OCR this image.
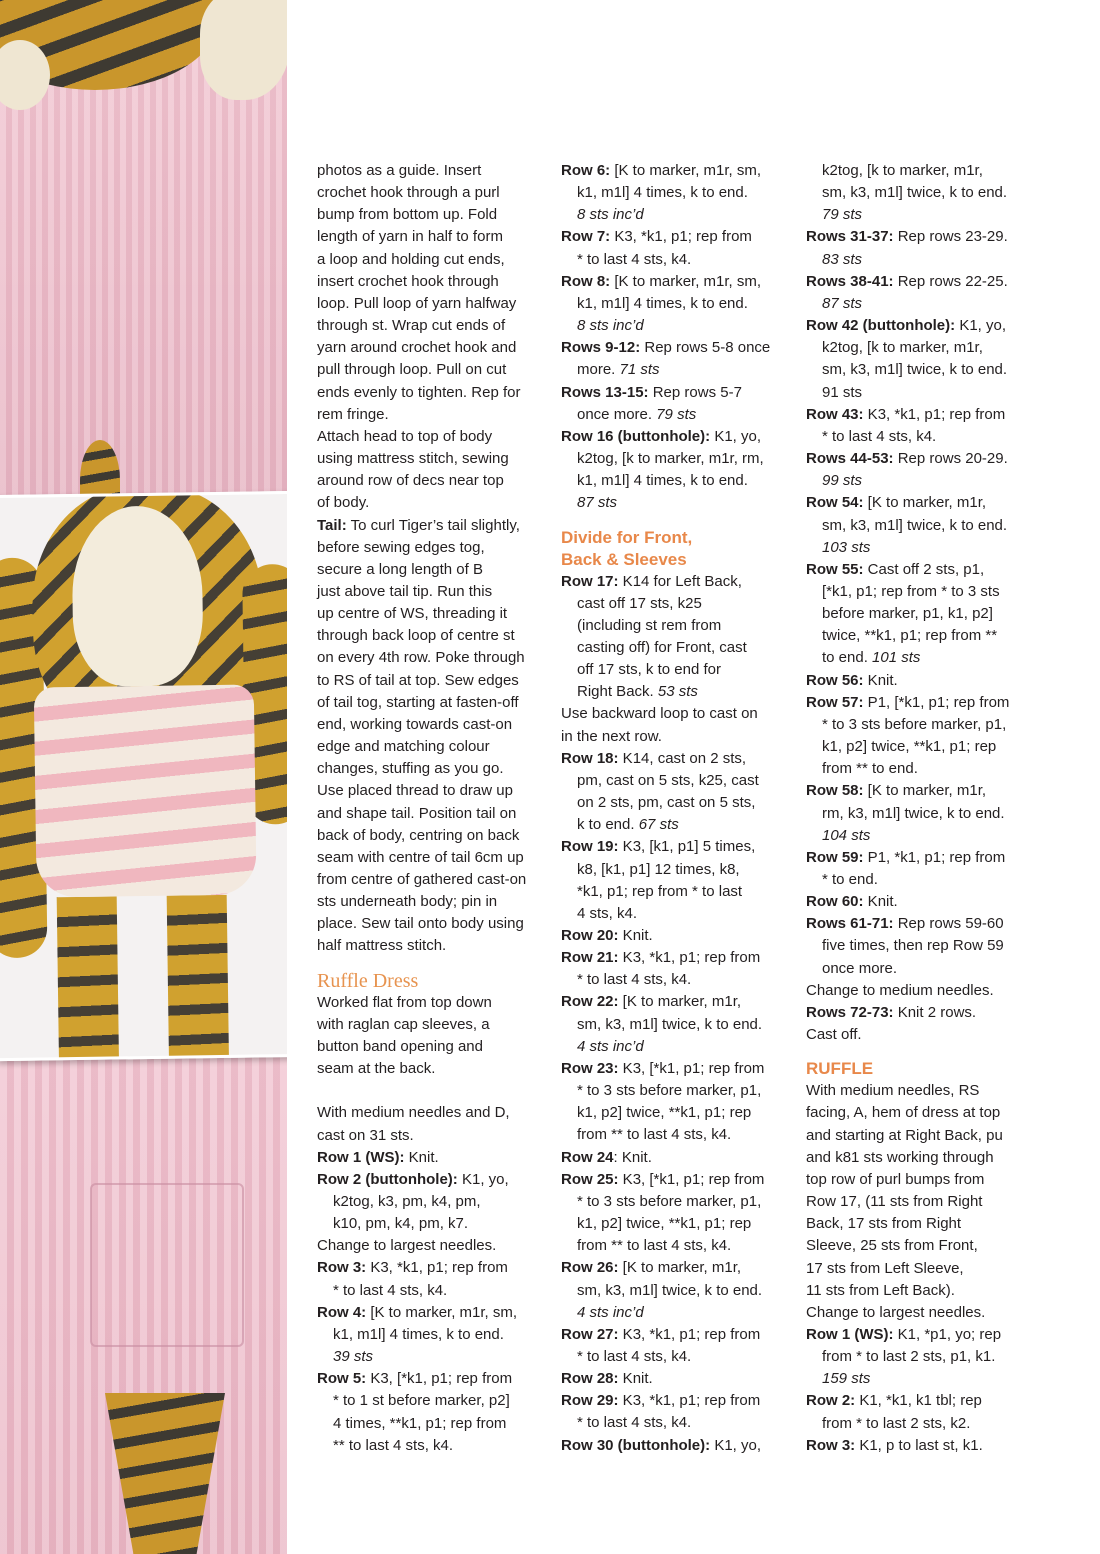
photos as a guide. Insert
crochet hook through a purl
bump from bottom up. Fold
length of yarn in half to form
a loop and holding cut ends,
insert crochet hook through
loop. Pull loop of yarn halfway
through st. Wrap cut ends of
yarn around crochet hook and
pull through loop. Pull on cut
ends evenly to tighten. Rep for
rem fringe.
Attach head to top of body
using mattress stitch, sewing
around row of decs near top
of body.
Tail: To curl Tiger’s tail slightly,
before sewing edges tog,
secure a long length of B
just above tail tip. Run this
up centre of WS, threading it
through back loop of centre st
on every 4th row. Poke through
to RS of tail at top. Sew edges
of tail tog, starting at fasten-off
end, working towards cast-on
edge and matching colour
changes, stuffing as you go.
Use placed thread to draw up
and shape tail. Position tail on
back of body, centring on back
seam with centre of tail 6cm up
from centre of gathered cast-on
sts underneath body; pin in
place. Sew tail onto body using
half mattress stitch.
Ruffle Dress
Worked flat from top down
with raglan cap sleeves, a
button band opening and
seam at the back.
With medium needles and D,
cast on 31 sts.
Row 1 (WS): Knit.
Row 2 (buttonhole): K1, yo,
k2tog, k3, pm, k4, pm,
k10, pm, k4, pm, k7.
Change to largest needles.
Row 3: K3, *k1, p1; rep from
* to last 4 sts, k4.
Row 4: [K to marker, m1r, sm,
k1, m1l] 4 times, k to end.
39 sts
Row 5: K3, [*k1, p1; rep from
* to 1 st before marker, p2]
4 times, **k1, p1; rep from
** to last 4 sts, k4.
Row 6: [K to marker, m1r, sm,
k1, m1l] 4 times, k to end.
8 sts inc’d
Row 7: K3, *k1, p1; rep from
* to last 4 sts, k4.
Row 8: [K to marker, m1r, sm,
k1, m1l] 4 times, k to end.
8 sts inc’d
Rows 9-12: Rep rows 5-8 once
more. 71 sts
Rows 13-15: Rep rows 5-7
once more. 79 sts
Row 16 (buttonhole): K1, yo,
k2tog, [k to marker, m1r, rm,
k1, m1l] 4 times, k to end.
87 sts
Divide for Front,
Back & Sleeves
Row 17: K14 for Left Back,
cast off 17 sts, k25
(including st rem from
casting off) for Front, cast
off 17 sts, k to end for
Right Back. 53 sts
Use backward loop to cast on
in the next row.
Row 18: K14, cast on 2 sts,
pm, cast on 5 sts, k25, cast
on 2 sts, pm, cast on 5 sts,
k to end. 67 sts
Row 19: K3, [k1, p1] 5 times,
k8, [k1, p1] 12 times, k8,
*k1, p1; rep from * to last
4 sts, k4.
Row 20: Knit.
Row 21: K3, *k1, p1; rep from
* to last 4 sts, k4.
Row 22: [K to marker, m1r,
sm, k3, m1l] twice, k to end.
4 sts inc’d
Row 23: K3, [*k1, p1; rep from
* to 3 sts before marker, p1,
k1, p2] twice, **k1, p1; rep
from ** to last 4 sts, k4.
Row 24: Knit.
Row 25: K3, [*k1, p1; rep from
* to 3 sts before marker, p1,
k1, p2] twice, **k1, p1; rep
from ** to last 4 sts, k4.
Row 26: [K to marker, m1r,
sm, k3, m1l] twice, k to end.
4 sts inc’d
Row 27: K3, *k1, p1; rep from
* to last 4 sts, k4.
Row 28: Knit.
Row 29: K3, *k1, p1; rep from
* to last 4 sts, k4.
Row 30 (buttonhole): K1, yo,
k2tog, [k to marker, m1r,
sm, k3, m1l] twice, k to end.
79 sts
Rows 31-37: Rep rows 23-29.
83 sts
Rows 38-41: Rep rows 22-25.
87 sts
Row 42 (buttonhole): K1, yo,
k2tog, [k to marker, m1r,
sm, k3, m1l] twice, k to end.
91 sts
Row 43: K3, *k1, p1; rep from
* to last 4 sts, k4.
Rows 44-53: Rep rows 20-29.
99 sts
Row 54: [K to marker, m1r,
sm, k3, m1l] twice, k to end.
103 sts
Row 55: Cast off 2 sts, p1,
[*k1, p1; rep from * to 3 sts
before marker, p1, k1, p2]
twice, **k1, p1; rep from **
to end. 101 sts
Row 56: Knit.
Row 57: P1, [*k1, p1; rep from
* to 3 sts before marker, p1,
k1, p2] twice, **k1, p1; rep
from ** to end.
Row 58: [K to marker, m1r,
rm, k3, m1l] twice, k to end.
104 sts
Row 59: P1, *k1, p1; rep from
* to end.
Row 60: Knit.
Rows 61-71: Rep rows 59-60
five times, then rep Row 59
once more.
Change to medium needles.
Rows 72-73: Knit 2 rows.
Cast off.
RUFFLE
With medium needles, RS
facing, A, hem of dress at top
and starting at Right Back, pu
and k81 sts working through
top row of purl bumps from
Row 17, (11 sts from Right
Back, 17 sts from Right
Sleeve, 25 sts from Front,
17 sts from Left Sleeve,
11 sts from Left Back).
Change to largest needles.
Row 1 (WS): K1, *p1, yo; rep
from * to last 2 sts, p1, k1.
159 sts
Row 2: K1, *k1, k1 tbl; rep
from * to last 2 sts, k2.
Row 3: K1, p to last st, k1.
